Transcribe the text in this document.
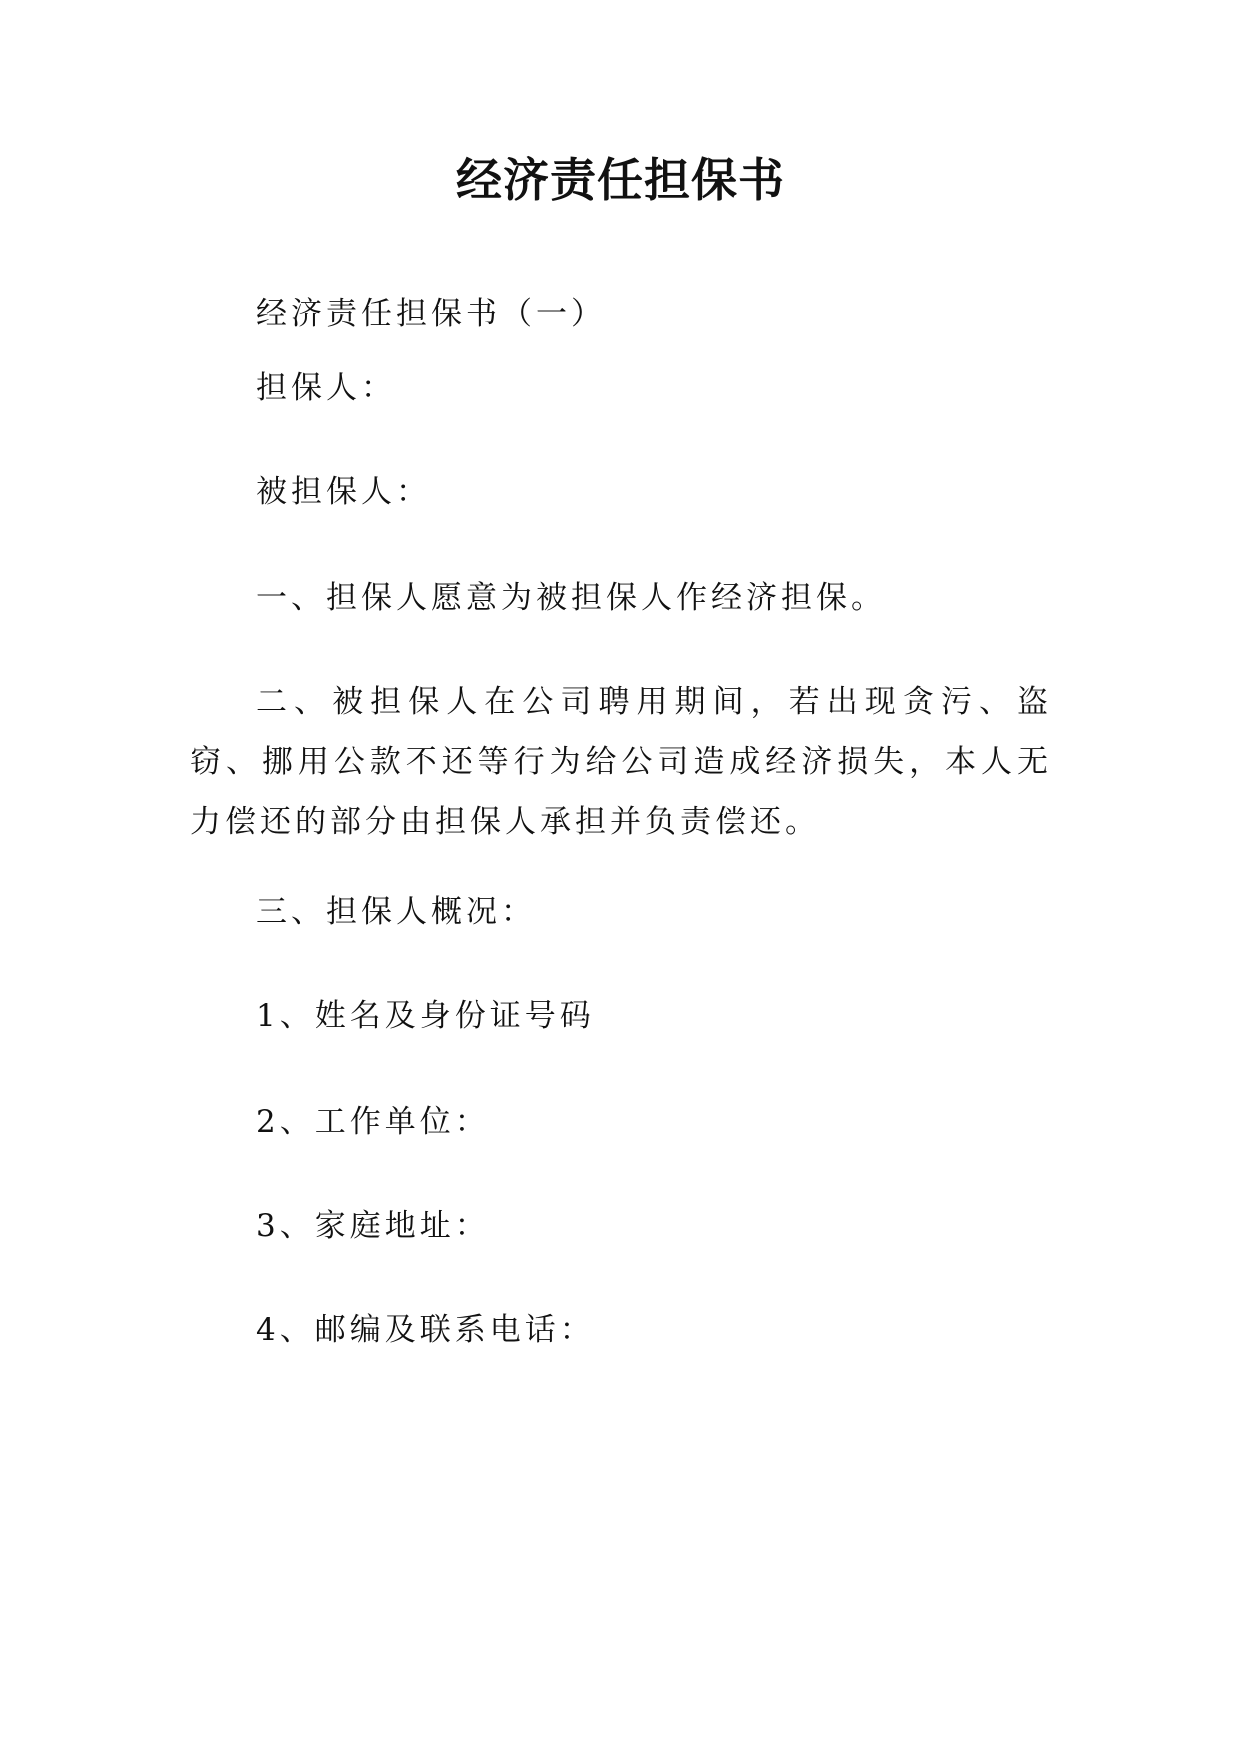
经济责任担保书

经济责任担保书（一）

担保人：

被担保人：

一、担保人愿意为被担保人作经济担保。

二、被担保人在公司聘用期间，若出现贪污、盗窃、挪用公款不还等行为给公司造成经济损失，本人无力偿还的部分由担保人承担并负责偿还。

三、担保人概况：

1、姓名及身份证号码

2、工作单位：

3、家庭地址：

4、邮编及联系电话：
